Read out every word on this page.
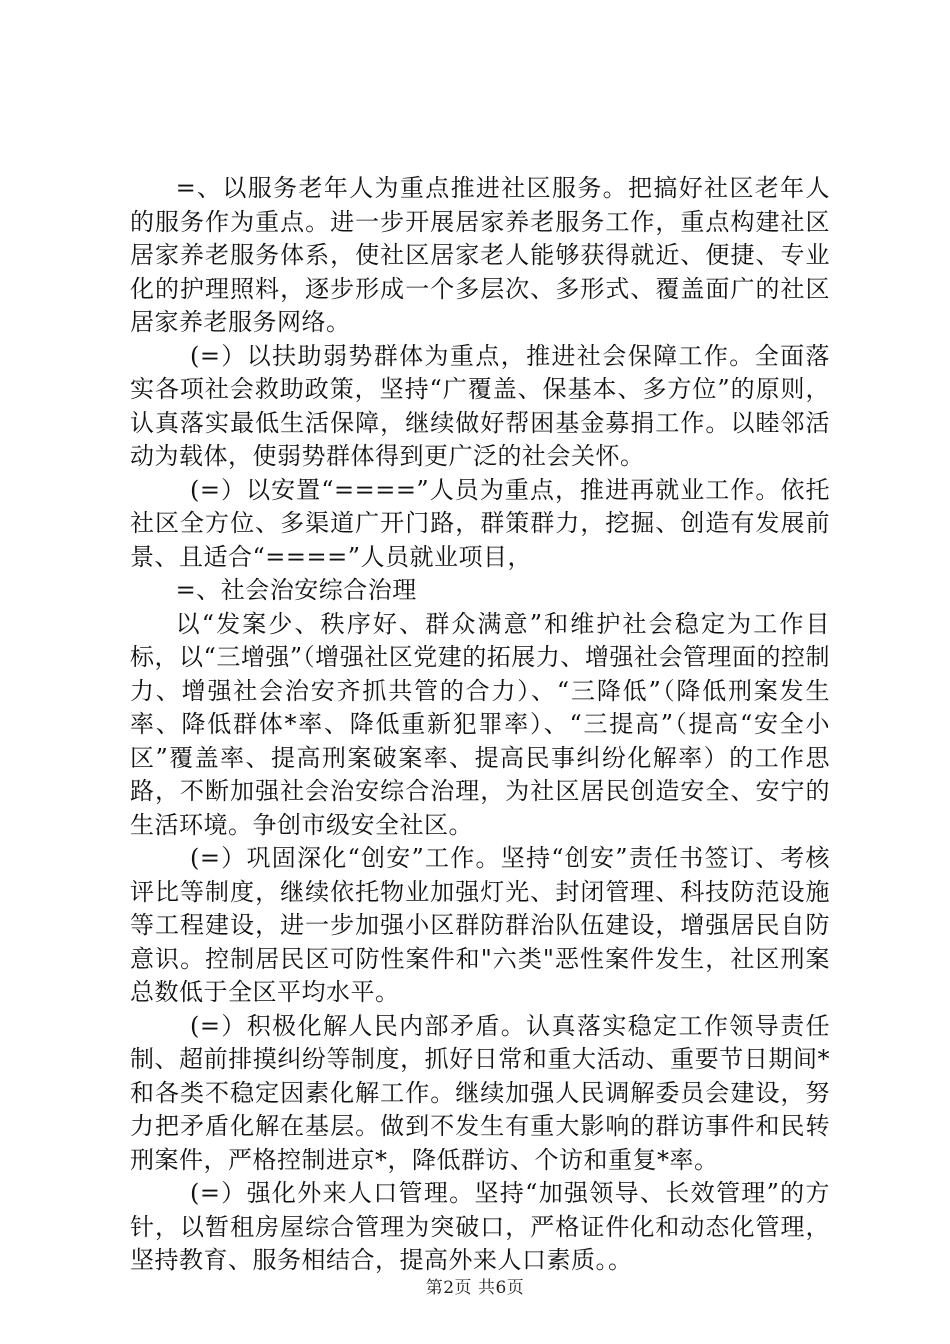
=、以服务老年人为重点推进社区服务。把搞好社区老年人的服务作为重点。进一步开展居家养老服务工作，重点构建社区居家养老服务体系，使社区居家老人能够获得就近、便捷、专业化的护理照料，逐步形成一个多层次、多形式、覆盖面广的社区居家养老服务网络。

(=）以扶助弱势群体为重点，推进社会保障工作。全面落实各项社会救助政策，坚持“广覆盖、保基本、多方位”的原则，认真落实最低生活保障，继续做好帮困基金募捐工作。以睦邻活动为载体，使弱势群体得到更广泛的社会关怀。

(=）以安置“====”人员为重点，推进再就业工作。依托社区全方位、多渠道广开门路，群策群力，挖掘、创造有发展前景、且适合“====”人员就业项目，

=、社会治安综合治理

以“发案少、秩序好、群众满意”和维护社会稳定为工作目标，以“三增强”（增强社区党建的拓展力、增强社会管理面的控制力、增强社会治安齐抓共管的合力）、“三降低”（降低刑案发生率、降低群体*率、降低重新犯罪率）、“三提高”（提高“安全小区”覆盖率、提高刑案破案率、提高民事纠纷化解率）的工作思路，不断加强社会治安综合治理，为社区居民创造安全、安宁的生活环境。争创市级安全社区。

(=）巩固深化“创安”工作。坚持“创安”责任书签订、考核评比等制度，继续依托物业加强灯光、封闭管理、科技防范设施等工程建设，进一步加强小区群防群治队伍建设，增强居民自防意识。控制居民区可防性案件和"六类"恶性案件发生，社区刑案总数低于全区平均水平。

(=）积极化解人民内部矛盾。认真落实稳定工作领导责任制、超前排摸纠纷等制度，抓好日常和重大活动、重要节日期间*和各类不稳定因素化解工作。继续加强人民调解委员会建设，努力把矛盾化解在基层。做到不发生有重大影响的群访事件和民转刑案件，严格控制进京*，降低群访、个访和重复*率。

(=）强化外来人口管理。坚持“加强领导、长效管理”的方针，以暂租房屋综合管理为突破口，严格证件化和动态化管理，坚持教育、服务相结合，提高外来人口素质。。

第2页 共6页
